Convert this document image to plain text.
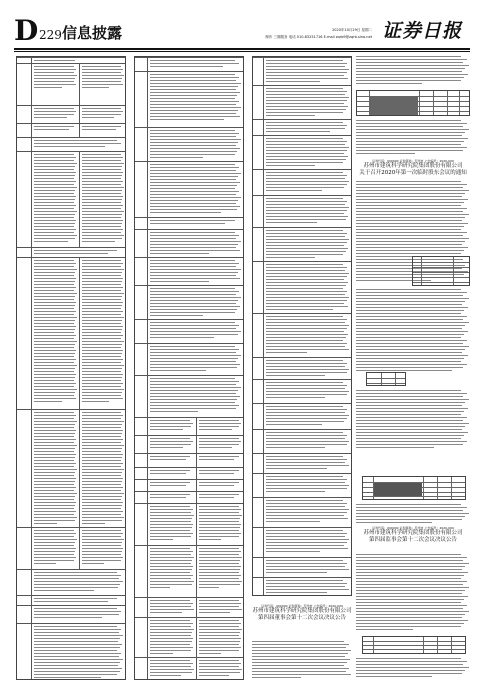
D 229 信息披露	2020年10月29日 星期二
制作 三图服务 电话 010-83251716 E-mail zqrb9@zqrb.sina.net 证券日报
证券代码：000000 证券简称：苏州市 公告编号：2020-000
苏州市建筑科学研究院集团股份有限公司
第四届董事会第十二次会议决议公告
证券代码：000000 证券简称：苏州市 公告编号：2020-000
苏州市建筑科学研究院集团股份有限公司
关于召开2020年第一次临时股东会议的通知
证券代码：000000 证券简称：苏州市 公告编号：2020-000
苏州市建筑科学研究院集团股份有限公司
第四届监事会第十二次会议决议公告
